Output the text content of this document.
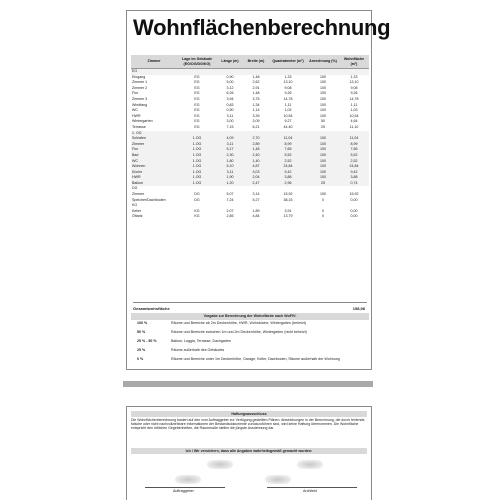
Wohnflächenberechnung
Zimmer	Lage im Gebäude (EG/OG/DG/KG)	Länge (m)	Breite (m)	Quadratmeter (m²)	Anrechnung (%)	Wohnfläche (m²)
EG						
Eingang	EG	0,90	1,48	1,33	100	1,33
Zimmer 1	EG	5,00	2,62	13,10	100	13,10
Zimmer 2	EG	3,12	2,91	9,08	100	9,08
Flur	EG	6,26	1,48	9,26	100	9,26
Zimmer 3	EG	3,94	3,75	14,78	100	14,78
Windfang	EG	0,83	1,34	1,11	100	1,11
WC	EG	0,90	1,14	1,03	100	1,03
HWR	EG	3,11	3,39	10,54	100	10,54
Wintergarten	EG	3,00	3,09	9,27	50	4,64
Terrasse	EG	7,15	6,21	44,40	25	11,10
1. OG						
Schlafen	1.OG	4,09	2,70	11,04	100	11,04
Zimmer	1.OG	3,11	2,89	8,99	100	8,99
Flur	1.OG	5,17	1,48	7,65	100	7,65
Bad	1.OG	2,30	2,40	5,52	100	5,52
WC	1.OG	1,80	1,40	2,52	100	2,52
Wohnen	1.OG	5,10	4,87	24,84	100	24,84
Küche	1.OG	3,11	3,03	9,42	100	9,42
HWR	1.OG	1,90	2,04	3,88	100	3,88
Balkon	1.OG	1,20	2,47	2,96	25	0,74
DG						
Zimmer	DG	5,07	3,14	15,92	100	15,92
Speicher/Dachboden	DG	7,24	5,27	38,15	0	0,00
KG						
Keller	KG	2,07	1,89	3,91	0	0,00
Öltank	KG	2,85	4,84	13,79	0	0,00
Gesamtwohnfläche	158,98
Vorgabe zur Berechnung der Wohnfläche nach WoFlV:
100 %	Räume und Bereiche ab 2m Deckenhöhe, HWR, Wohnküche, Wintergarten (beheizt)
50 %	Räume und Bereiche zwischen 1m und 2m Deckenhöhe, Wintergarten (nicht beheizt)
25 % - 50 %	Balkon, Loggia, Terrasse, Dachgarten
25 %	Räume außerhalb des Gebäudes
0 %	Räume und Bereiche unter 1m Deckenhöhe, Garage, Keller, Dachboden, Räume außerhalb der Wohnung
Haftungsausschluss
Die Wohnflächenberechnung basiert auf den vom Auftraggeber zur Verfügung gestellten Plänen. Abweichungen in der Berechnung, die durch fehlende, falsche oder nicht nachvollziehbare Informationen der Bestandsdokumente zurückzuführen sind, wird keine Haftung übernommen. Die Wohnfläche entspricht den örtlichen Gegebenheiten, die Raummaße stellen die jüngste Ausdehnung dar.
Ich / Wir versichern, dass alle Angaben wahrheitsgemäß gemacht wurden:
Auftraggeber	Architekt
